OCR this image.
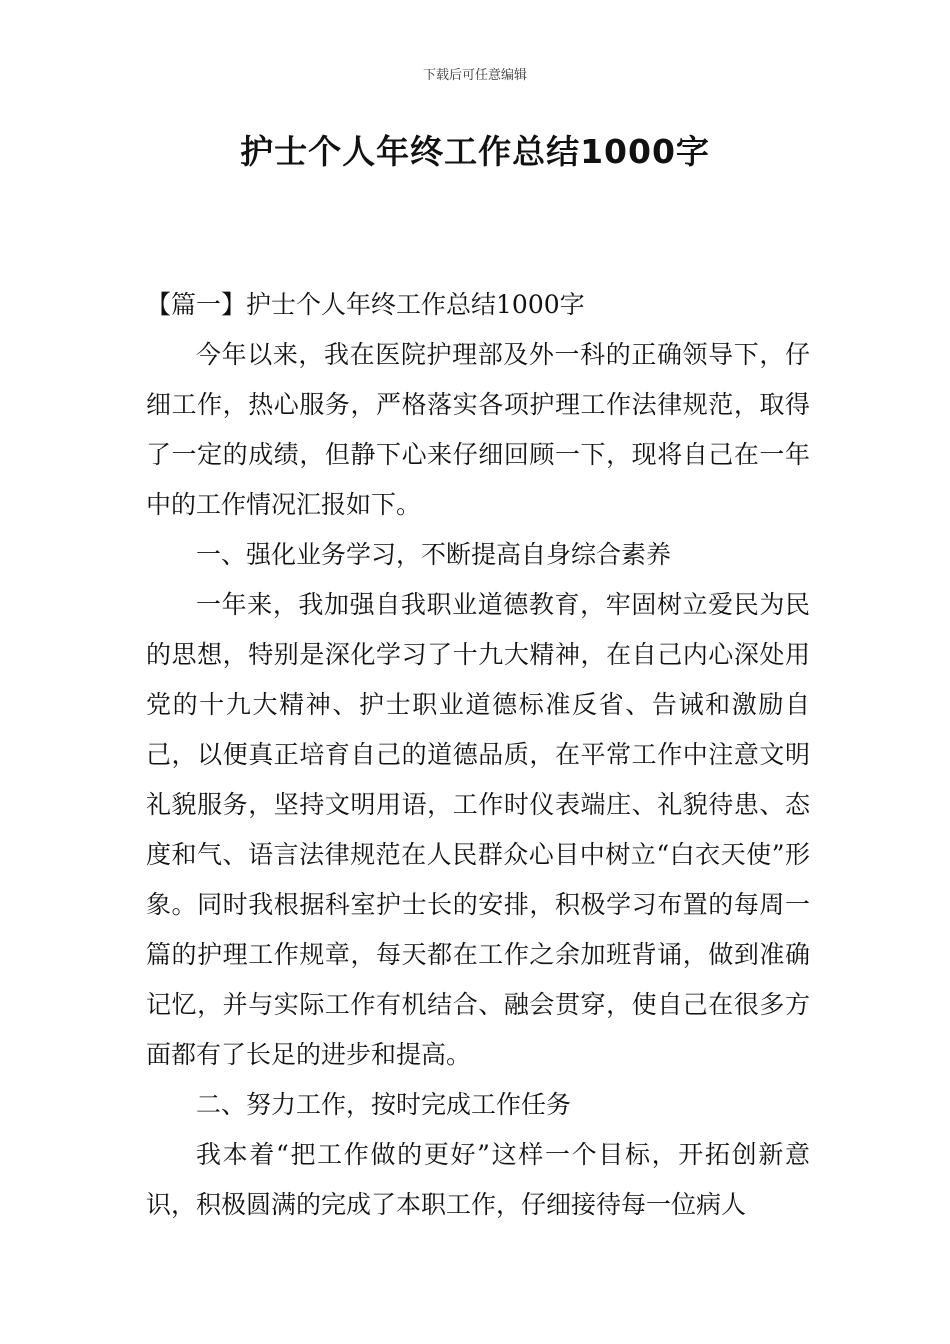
下载后可任意编辑
护士个人年终工作总结1000字

【篇一】护士个人年终工作总结1000字

今年以来，我在医院护理部及外一科的正确领导下，仔细工作，热心服务，严格落实各项护理工作法律规范，取得了一定的成绩，但静下心来仔细回顾一下，现将自己在一年中的工作情况汇报如下。

一、强化业务学习，不断提高自身综合素养

一年来，我加强自我职业道德教育，牢固树立爱民为民的思想，特别是深化学习了十九大精神，在自己内心深处用党的十九大精神、护士职业道德标准反省、告诫和激励自己，以便真正培育自己的道德品质，在平常工作中注意文明礼貌服务，坚持文明用语，工作时仪表端庄、礼貌待患、态度和气、语言法律规范在人民群众心目中树立“白衣天使”形象。同时我根据科室护士长的安排，积极学习布置的每周一篇的护理工作规章，每天都在工作之余加班背诵，做到准确记忆，并与实际工作有机结合、融会贯穿，使自己在很多方面都有了长足的进步和提高。

二、努力工作，按时完成工作任务

我本着“把工作做的更好”这样一个目标，开拓创新意识，积极圆满的完成了本职工作，仔细接待每一位病人
